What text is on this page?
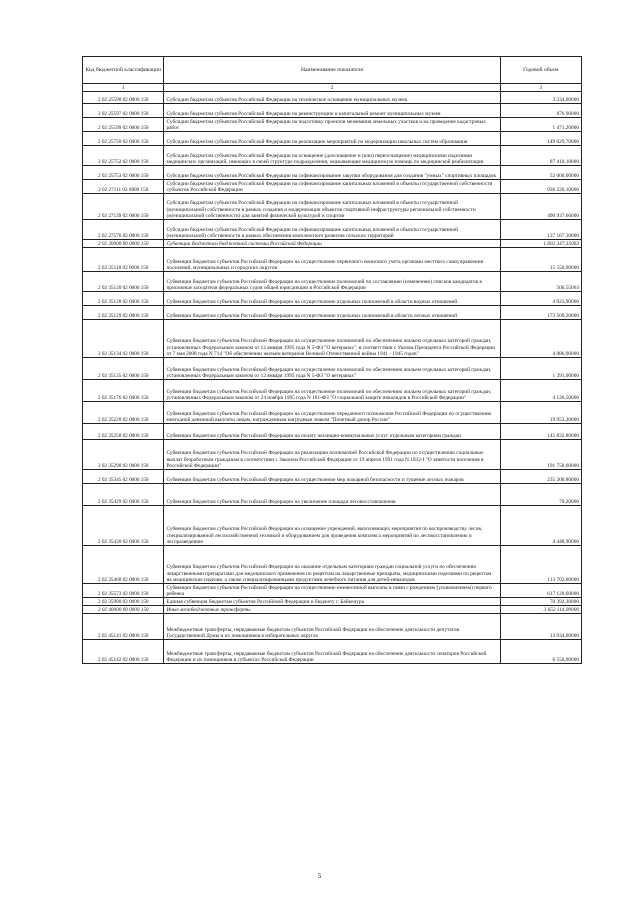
Код бюджетной классификации	Наименование показателя	Годовой объем
1	2	3
2 02 25590 02 0000 150	Субсидии бюджетам субъектов Российской Федерации на техническое оснащение муниципальных музеев	3 234,00000
2 02 25597 02 0000 150	Субсидии бюджетам субъектов Российской Федерации на реконструкцию и капитальный ремонт муниципальных музеев	876,90000
2 02 25599 02 0000 150	Субсидии бюджетам субъектов Российской Федерации на подготовку проектов межевания земельных участков и на проведение кадастровых работ	1 471,20000
2 02 25750 02 0000 150	Субсидии бюджетам субъектов Российской Федерации на реализацию мероприятий по модернизации школьных систем образования	149 029,70000
2 02 25752 02 0000 150	Субсидии бюджетам субъектов Российской Федерации на оснащение (дооснащение и (или) переоснащение) медицинскими изделиями медицинских организаций, имеющих в своей структуре подразделения, оказывающие медицинскую помощь по медицинской реабилитации	87 410,10000
2 02 25753 02 0000 150	Субсидии бюджетам субъектов Российской Федерации на софинансирование закупки оборудования для создания "умных" спортивных площадок	52 000,00000
2 02 27111 02 0000 150	Субсидии бюджетам субъектов Российской Федерации на софинансирование капитальных вложений в объекты государственной собственности субъектов Российской Федерации	936 220,10000
2 02 27139 02 0000 150	Субсидии бюджетам субъектов Российской Федерации на софинансирование капитальных вложений в объекты государственной (муниципальной) собственности в рамках создания и модернизации объектов спортивной инфраструктуры региональной собственности (муниципальной собственности) для занятий физической культурой и спортом	490 937,60000
2 02 27576 02 0000 150	Субсидии бюджетам субъектов Российской Федерации на софинансирование капитальных вложений в объекты государственной (муниципальной) собственности в рамках обеспечения комплексного развития сельских территорий	137 167,10000
2 02 30000 00 0000 150	Субвенции бюджетам бюджетной системы Российской Федерации	1 602 347,35063
2 02 35118 02 0000 150	Субвенции бюджетам субъектов Российской Федерации на осуществление первичного воинского учета органами местного самоуправления поселений, муниципальных и городских округов	15 550,00000
2 02 35120 02 0000 150	Субвенции бюджетам субъектов Российской Федерации на осуществление полномочий по составлению (изменению) списков кандидатов в присяжные заседатели федеральных судов общей юрисдикции в Российской Федерации	500,55063
2 02 35128 02 0000 150	Субвенции бюджетам субъектов Российской Федерации на осуществление отдельных полномочий в области водных отношений	4 923,90000
2 02 35129 02 0000 150	Субвенции бюджетам субъектов Российской Федерации на осуществление отдельных полномочий в области лесных отношений	173 509,20000
2 02 35134 02 0000 150	Субвенции бюджетам субъектов Российской Федерации на осуществление полномочий по обеспечению жильем отдельных категорий граждан, установленных Федеральным законом от 12 января 1995 года N 5-ФЗ "О ветеранах", в соответствии с Указом Президента Российской Федерации от 7 мая 2008 года N 714 "Об обеспечении жильем ветеранов Великой Отечественной войны 1941 - 1945 годов"	4 086,90000
2 02 35135 02 0000 150	Субвенции бюджетам субъектов Российской Федерации на осуществление полномочий по обеспечению жильем отдельных категорий граждан, установленных Федеральным законом от 12 января 1995 года N 5-ФЗ "О ветеранах"	1 391,00000
2 02 35176 02 0000 150	Субвенции бюджетам субъектов Российской Федерации на осуществление полномочий по обеспечению жильем отдельных категорий граждан, установленных Федеральным законом от 24 ноября 1995 года N 181-ФЗ "О социальной защите инвалидов в Российской Федерации"	4 126,50000
2 02 35220 02 0000 150	Субвенции бюджетам субъектов Российской Федерации на осуществление переданного полномочия Российской Федерации по осуществлению ежегодной денежной выплаты лицам, награжденным нагрудным знаком "Почетный донор России"	19 953,20000
2 02 35250 02 0000 150	Субвенции бюджетам субъектов Российской Федерации на оплату жилищно-коммунальных услуг отдельным категориям граждан	145 832,80000
2 02 35290 02 0000 150	Субвенции бюджетам субъектов Российской Федерации на реализацию полномочий Российской Федерации по осуществлению социальных выплат безработным гражданам в соответствии с Законом Российской Федерации от 19 апреля 1991 года N 1032-I "О занятости населения в Российской Федерации"	191 758,60000
2 02 35345 02 0000 150	Субвенции бюджетам субъектов Российской Федерации на осуществление мер пожарной безопасности и тушение лесных пожаров	235 200,80000
2 02 35429 02 0000 150	Субвенции бюджетам субъектов Российской Федерации на увеличение площади лесовосстановления	70,20000
2 02 35430 02 0000 150	Субвенции бюджетам субъектов Российской Федерации на оснащение учреждений, выполняющих мероприятия по воспроизводству лесов, специализированной лесохозяйственной техникой и оборудованием для проведения комплекса мероприятий по лесовосстановлению и лесоразведению	4 448,90000
2 02 35460 02 0000 150	Субвенции бюджетам субъектов Российской Федерации на оказание отдельным категориям граждан социальной услуги по обеспечению лекарственными препаратами для медицинского применения по рецептам на лекарственные препараты, медицинскими изделиями по рецептам на медицинские изделия, а также специализированными продуктами лечебного питания для детей-инвалидов	113 702,00000
2 02 35573 02 0000 150	Субвенции бюджетам субъектов Российской Федерации на осуществление ежемесячной выплаты в связи с рождением (усыновлением) первого ребенка	617 120,60000
2 02 35900 02 0000 150	Единая субвенция бюджетам субъектов Российской Федерации и бюджету г. Байконура	70 392,30000
2 02 40000 00 0000 150	Иные межбюджетные трансферты	3 652 114,00000
2 02 45141 02 0000 150	Межбюджетные трансферты, передаваемые бюджетам субъектов Российской Федерации на обеспечение деятельности депутатов Государственной Думы и их помощников в избирательных округах	13 934,00000
2 02 45142 02 0000 150	Межбюджетные трансферты, передаваемые бюджетам субъектов Российской Федерации на обеспечение деятельности сенаторов Российской Федерации и их помощников в субъектах Российской Федерации	6 556,00000
5
